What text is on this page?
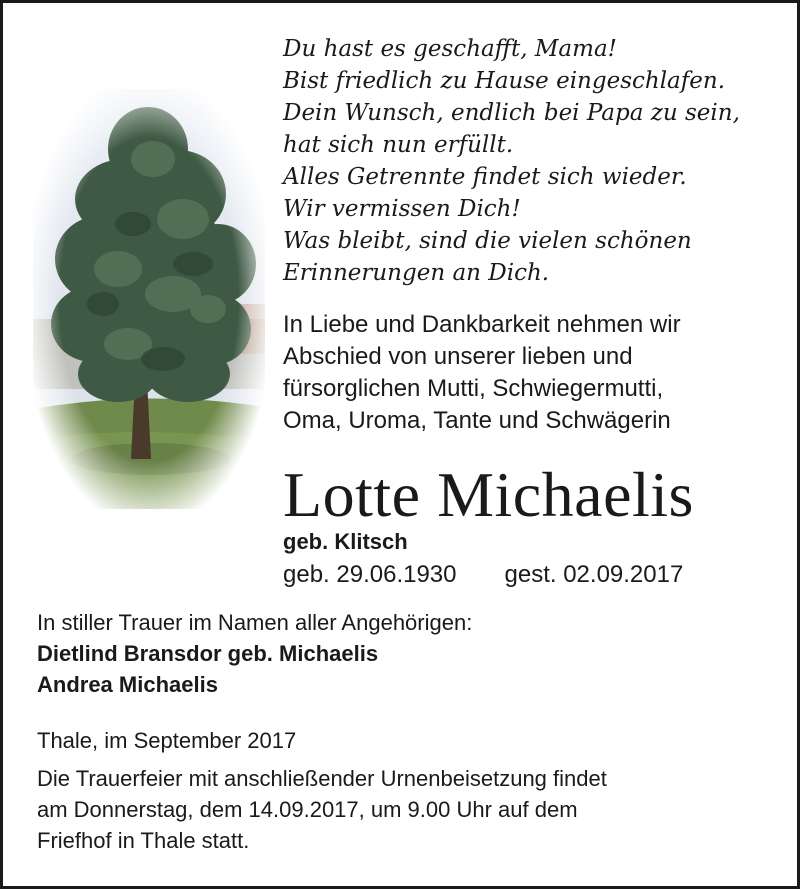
Du hast es geschafft, Mama!
Bist friedlich zu Hause eingeschlafen.
Dein Wunsch, endlich bei Papa zu sein,
hat sich nun erfüllt.
Alles Getrennte findet sich wieder.
Wir vermissen Dich!
Was bleibt, sind die vielen schönen
Erinnerungen an Dich.
In Liebe und Dankbarkeit nehmen wir
Abschied von unserer lieben und
fürsorglichen Mutti, Schwiegermutti,
Oma, Uroma, Tante und Schwägerin
Lotte Michaelis
geb. Klitsch
geb. 29.06.1930 gest. 02.09.2017
In stiller Trauer im Namen aller Angehörigen:
Dietlind Bransdor geb. Michaelis
Andrea Michaelis
Thale, im September 2017
Die Trauerfeier mit anschließender Urnenbeisetzung findet
am Donnerstag, dem 14.09.2017, um 9.00 Uhr auf dem
Friefhof in Thale statt.
